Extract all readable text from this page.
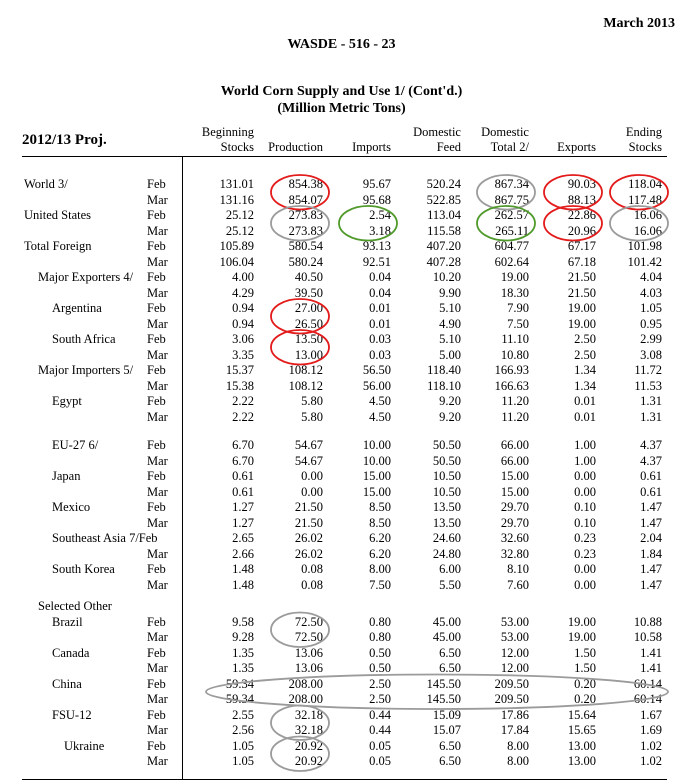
March 2013
WASDE - 516 - 23
World Corn Supply and Use 1/ (Cont'd.)
(Million Metric Tons)
2012/13 Proj.	Beginning
Stocks
	Production
	Imports
Domestic
Feed
Domestic
Total 2/
	Exports
Ending
Stocks
World 3/	Feb	131.01	854.38	95.67	520.24	867.34	90.03	118.04
Mar	131.16	854.07	95.68	522.85	867.75	88.13	117.48
United States	Feb	25.12	273.83	2.54	113.04	262.57	22.86	16.06
Mar	25.12	273.83	3.18	115.58	265.11	20.96	16.06
Total Foreign	Feb	105.89	580.54	93.13	407.20	604.77	67.17	101.98
Mar	106.04	580.24	92.51	407.28	602.64	67.18	101.42
Major Exporters 4/ Feb	4.00	40.50	0.04	10.20	19.00	21.50	4.04
Mar	4.29	39.50	0.04	9.90	18.30	21.50	4.03
Argentina	Feb	0.94	27.00	0.01	5.10	7.90	19.00	1.05
Mar	0.94	26.50	0.01	4.90	7.50	19.00	0.95
South Africa	Feb	3.06	13.50	0.03	5.10	11.10	2.50	2.99
Mar	3.35	13.00	0.03	5.00	10.80	2.50	3.08
Major Importers 5/ Feb	15.37	108.12	56.50	118.40	166.93	1.34	11.72
Mar	15.38	108.12	56.00	118.10	166.63	1.34	11.53
Egypt	Feb	2.22	5.80	4.50	9.20	11.20	0.01	1.31
Mar	2.22	5.80	4.50	9.20	11.20	0.01	1.31
EU-27 6/	Feb	6.70	54.67	10.00	50.50	66.00	1.00	4.37
Mar	6.70	54.67	10.00	50.50	66.00	1.00	4.37
Japan	Feb	0.61	0.00	15.00	10.50	15.00	0.00	0.61
Mar	0.61	0.00	15.00	10.50	15.00	0.00	0.61
Mexico	Feb	1.27	21.50	8.50	13.50	29.70	0.10	1.47
Mar	1.27	21.50	8.50	13.50	29.70	0.10	1.47
Southeast Asia 7/Feb	2.65	26.02	6.20	24.60	32.60	0.23	2.04
Mar	2.66	26.02	6.20	24.80	32.80	0.23	1.84
South Korea	Feb	1.48	0.08	8.00	6.00	8.10	0.00	1.47
Mar	1.48	0.08	7.50	5.50	7.60	0.00	1.47
Selected Other
Brazil	Feb	9.58	72.50	0.80	45.00	53.00	19.00	10.88
Mar	9.28	72.50	0.80	45.00	53.00	19.00	10.58
Canada	Feb	1.35	13.06	0.50	6.50	12.00	1.50	1.41
Mar	1.35	13.06	0.50	6.50	12.00	1.50	1.41
China	Feb	59.34	208.00	2.50	145.50	209.50	0.20	60.14
Mar	59.34	208.00	2.50	145.50	209.50	0.20	60.14
FSU-12	Feb	2.55	32.18	0.44	15.09	17.86	15.64	1.67
Mar	2.56	32.18	0.44	15.07	17.84	15.65	1.69
Ukraine	Feb	1.05	20.92	0.05	6.50	8.00	13.00	1.02
Mar	1.05	20.92	0.05	6.50	8.00	13.00	1.02
